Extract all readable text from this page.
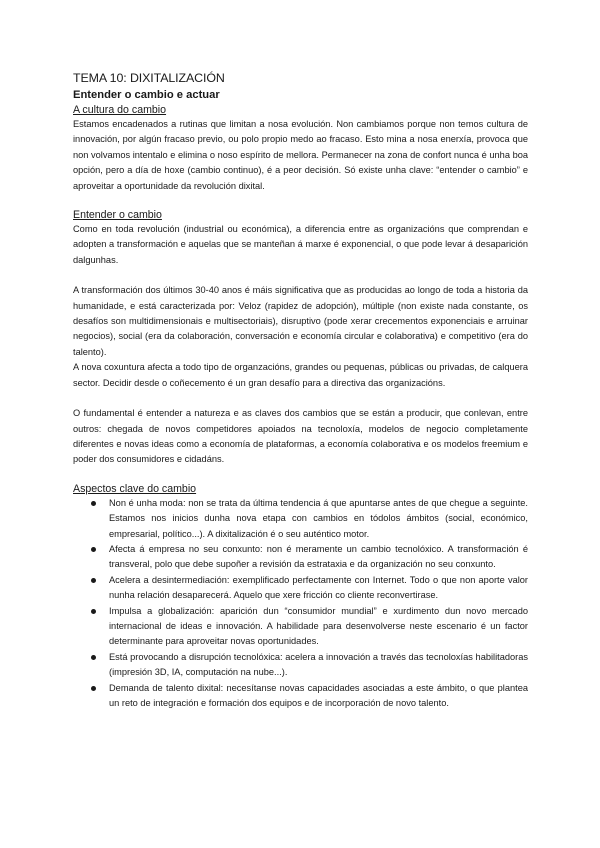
TEMA 10: DIXITALIZACIÓN
Entender o cambio e actuar
A cultura do cambio

Estamos encadenados a rutinas que limitan a nosa evolución. Non cambiamos porque non temos cultura de innovación, por algún fracaso previo, ou polo propio medo ao fracaso. Esto mina a nosa enerxía, provoca que non volvamos intentalo e elimina o noso espírito de mellora. Permanecer na zona de confort nunca é unha boa opción, pero a día de hoxe (cambio continuo), é a peor decisión. Só existe unha clave: “entender o cambio” e aproveitar a oportunidade da revolución dixital.

Entender o cambio

Como en toda revolución (industrial ou económica), a diferencia entre as organizacións que comprendan e adopten a transformación e aquelas que se manteñan á marxe é exponencial, o que pode levar á desaparición dalgunhas.

A transformación dos últimos 30-40 anos é máis significativa que as producidas ao longo de toda a historia da humanidade, e está caracterizada por: Veloz (rapidez de adopción), múltiple (non existe nada constante, os desafíos son multidimensionais e multisectoriais), disruptivo (pode xerar crecementos exponenciais e arruinar negocios), social (era da colaboración, conversación e economía circular e colaborativa) e competitivo (era do talento).

A nova coxuntura afecta a todo tipo de organzacións, grandes ou pequenas, públicas ou privadas, de calquera sector. Decidir desde o coñecemento é un gran desafío para a directiva das organizacións.

O fundamental é entender a natureza e as claves dos cambios que se están a producir, que conlevan, entre outros: chegada de novos competidores apoiados na tecnoloxía, modelos de negocio completamente diferentes e novas ideas como a economía de plataformas, a economía colaborativa e os modelos freemium e poder dos consumidores e cidadáns.

Aspectos clave do cambio
Non é unha moda: non se trata da última tendencia á que apuntarse antes de que chegue a seguinte. Estamos nos inicios dunha nova etapa con cambios en tódolos ámbitos (social, económico, empresarial, político...). A dixitalización é o seu auténtico motor.
Afecta á empresa no seu conxunto: non é meramente un cambio tecnolóxico. A transformación é transveral, polo que debe supoñer a revisión da estrataxia e da organización no seu conxunto.
Acelera a desintermediación: exemplificado perfectamente con Internet. Todo o que non aporte valor nunha relación desaparecerá. Aquelo que xere fricción co cliente reconvertirase.
Impulsa a globalización: aparición dun “consumidor mundial” e xurdimento dun novo mercado internacional de ideas e innovación. A habilidade para desenvolverse neste escenario é un factor determinante para aproveitar novas oportunidades.
Está provocando a disrupción tecnolóxica: acelera a innovación a través das tecnoloxías habilitadoras (impresión 3D, IA, computación na nube...).
Demanda de talento dixital: necesítanse novas capacidades asociadas a este ámbito, o que plantea un reto de integración e formación dos equipos e de incorporación de novo talento.
